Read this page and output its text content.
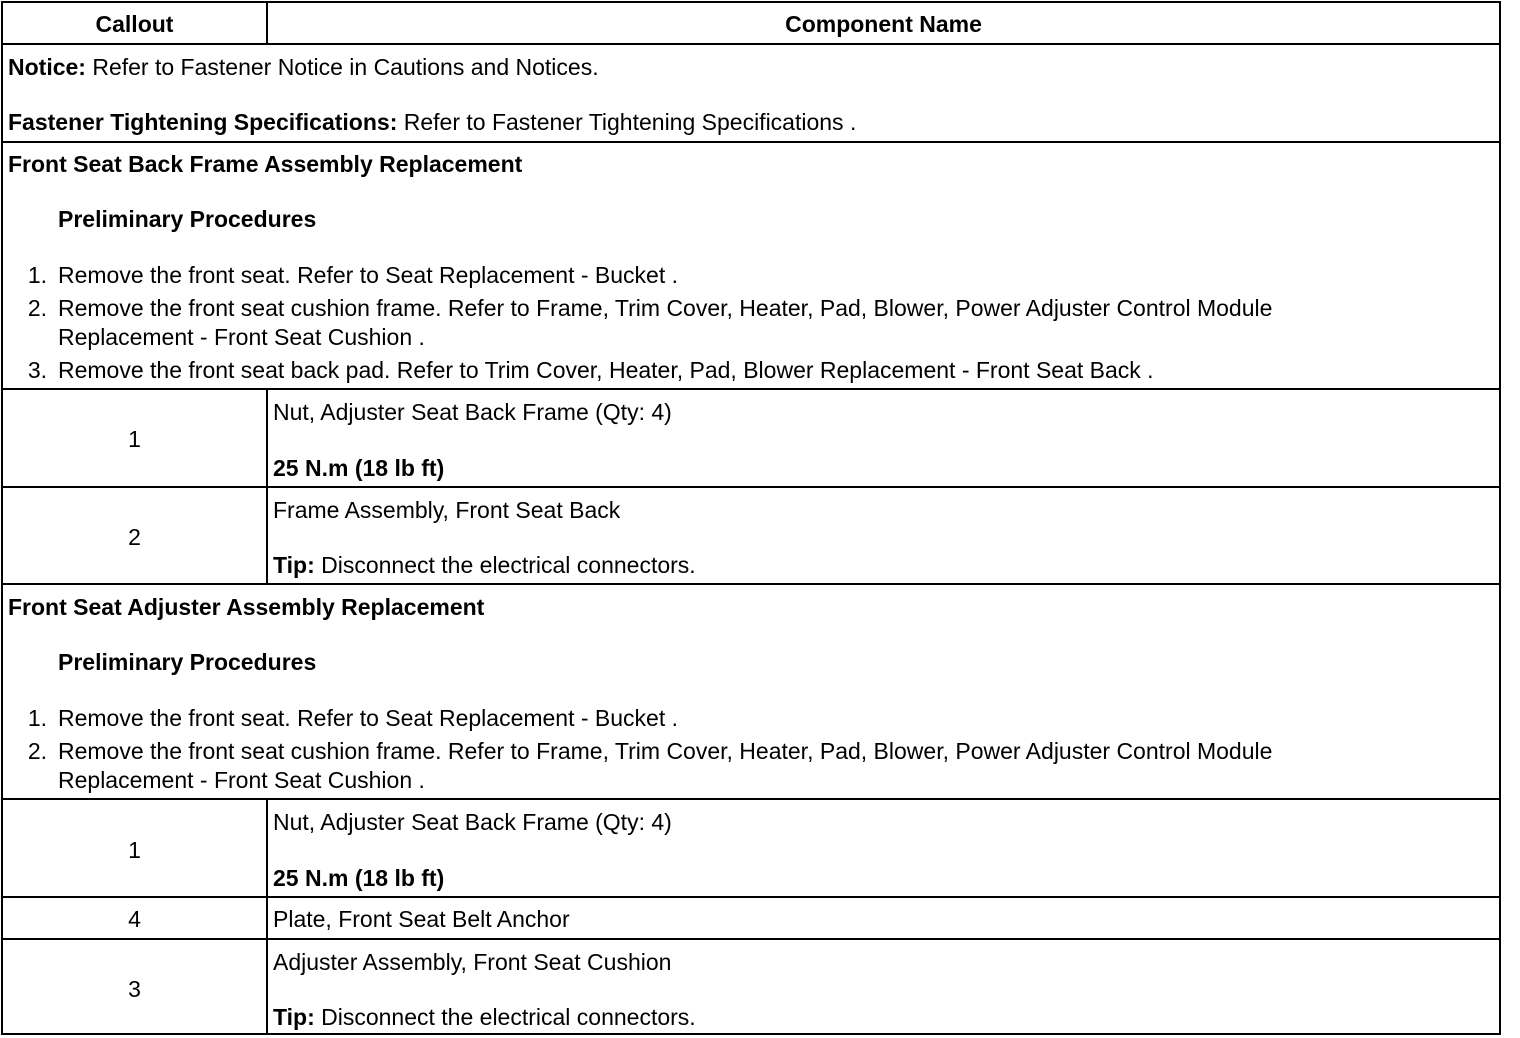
Callout	Component Name
Notice: Refer to Fastener Notice in Cautions and Notices.
Fastener Tightening Specifications: Refer to Fastener Tightening Specifications .
Front Seat Back Frame Assembly Replacement
Preliminary Procedures
1. Remove the front seat. Refer to Seat Replacement - Bucket .
2. Remove the front seat cushion frame. Refer to Frame, Trim Cover, Heater, Pad, Blower, Power Adjuster Control Module
Replacement - Front Seat Cushion .
3. Remove the front seat back pad. Refer to Trim Cover, Heater, Pad, Blower Replacement - Front Seat Back .
1
Nut, Adjuster Seat Back Frame (Qty: 4)
25 N.m (18 lb ft)
2
Frame Assembly, Front Seat Back
Tip: Disconnect the electrical connectors.
Front Seat Adjuster Assembly Replacement
Preliminary Procedures
1. Remove the front seat. Refer to Seat Replacement - Bucket .
2. Remove the front seat cushion frame. Refer to Frame, Trim Cover, Heater, Pad, Blower, Power Adjuster Control Module
Replacement - Front Seat Cushion .
1
Nut, Adjuster Seat Back Frame (Qty: 4)
25 N.m (18 lb ft)
4	Plate, Front Seat Belt Anchor
3
Adjuster Assembly, Front Seat Cushion
Tip: Disconnect the electrical connectors.
